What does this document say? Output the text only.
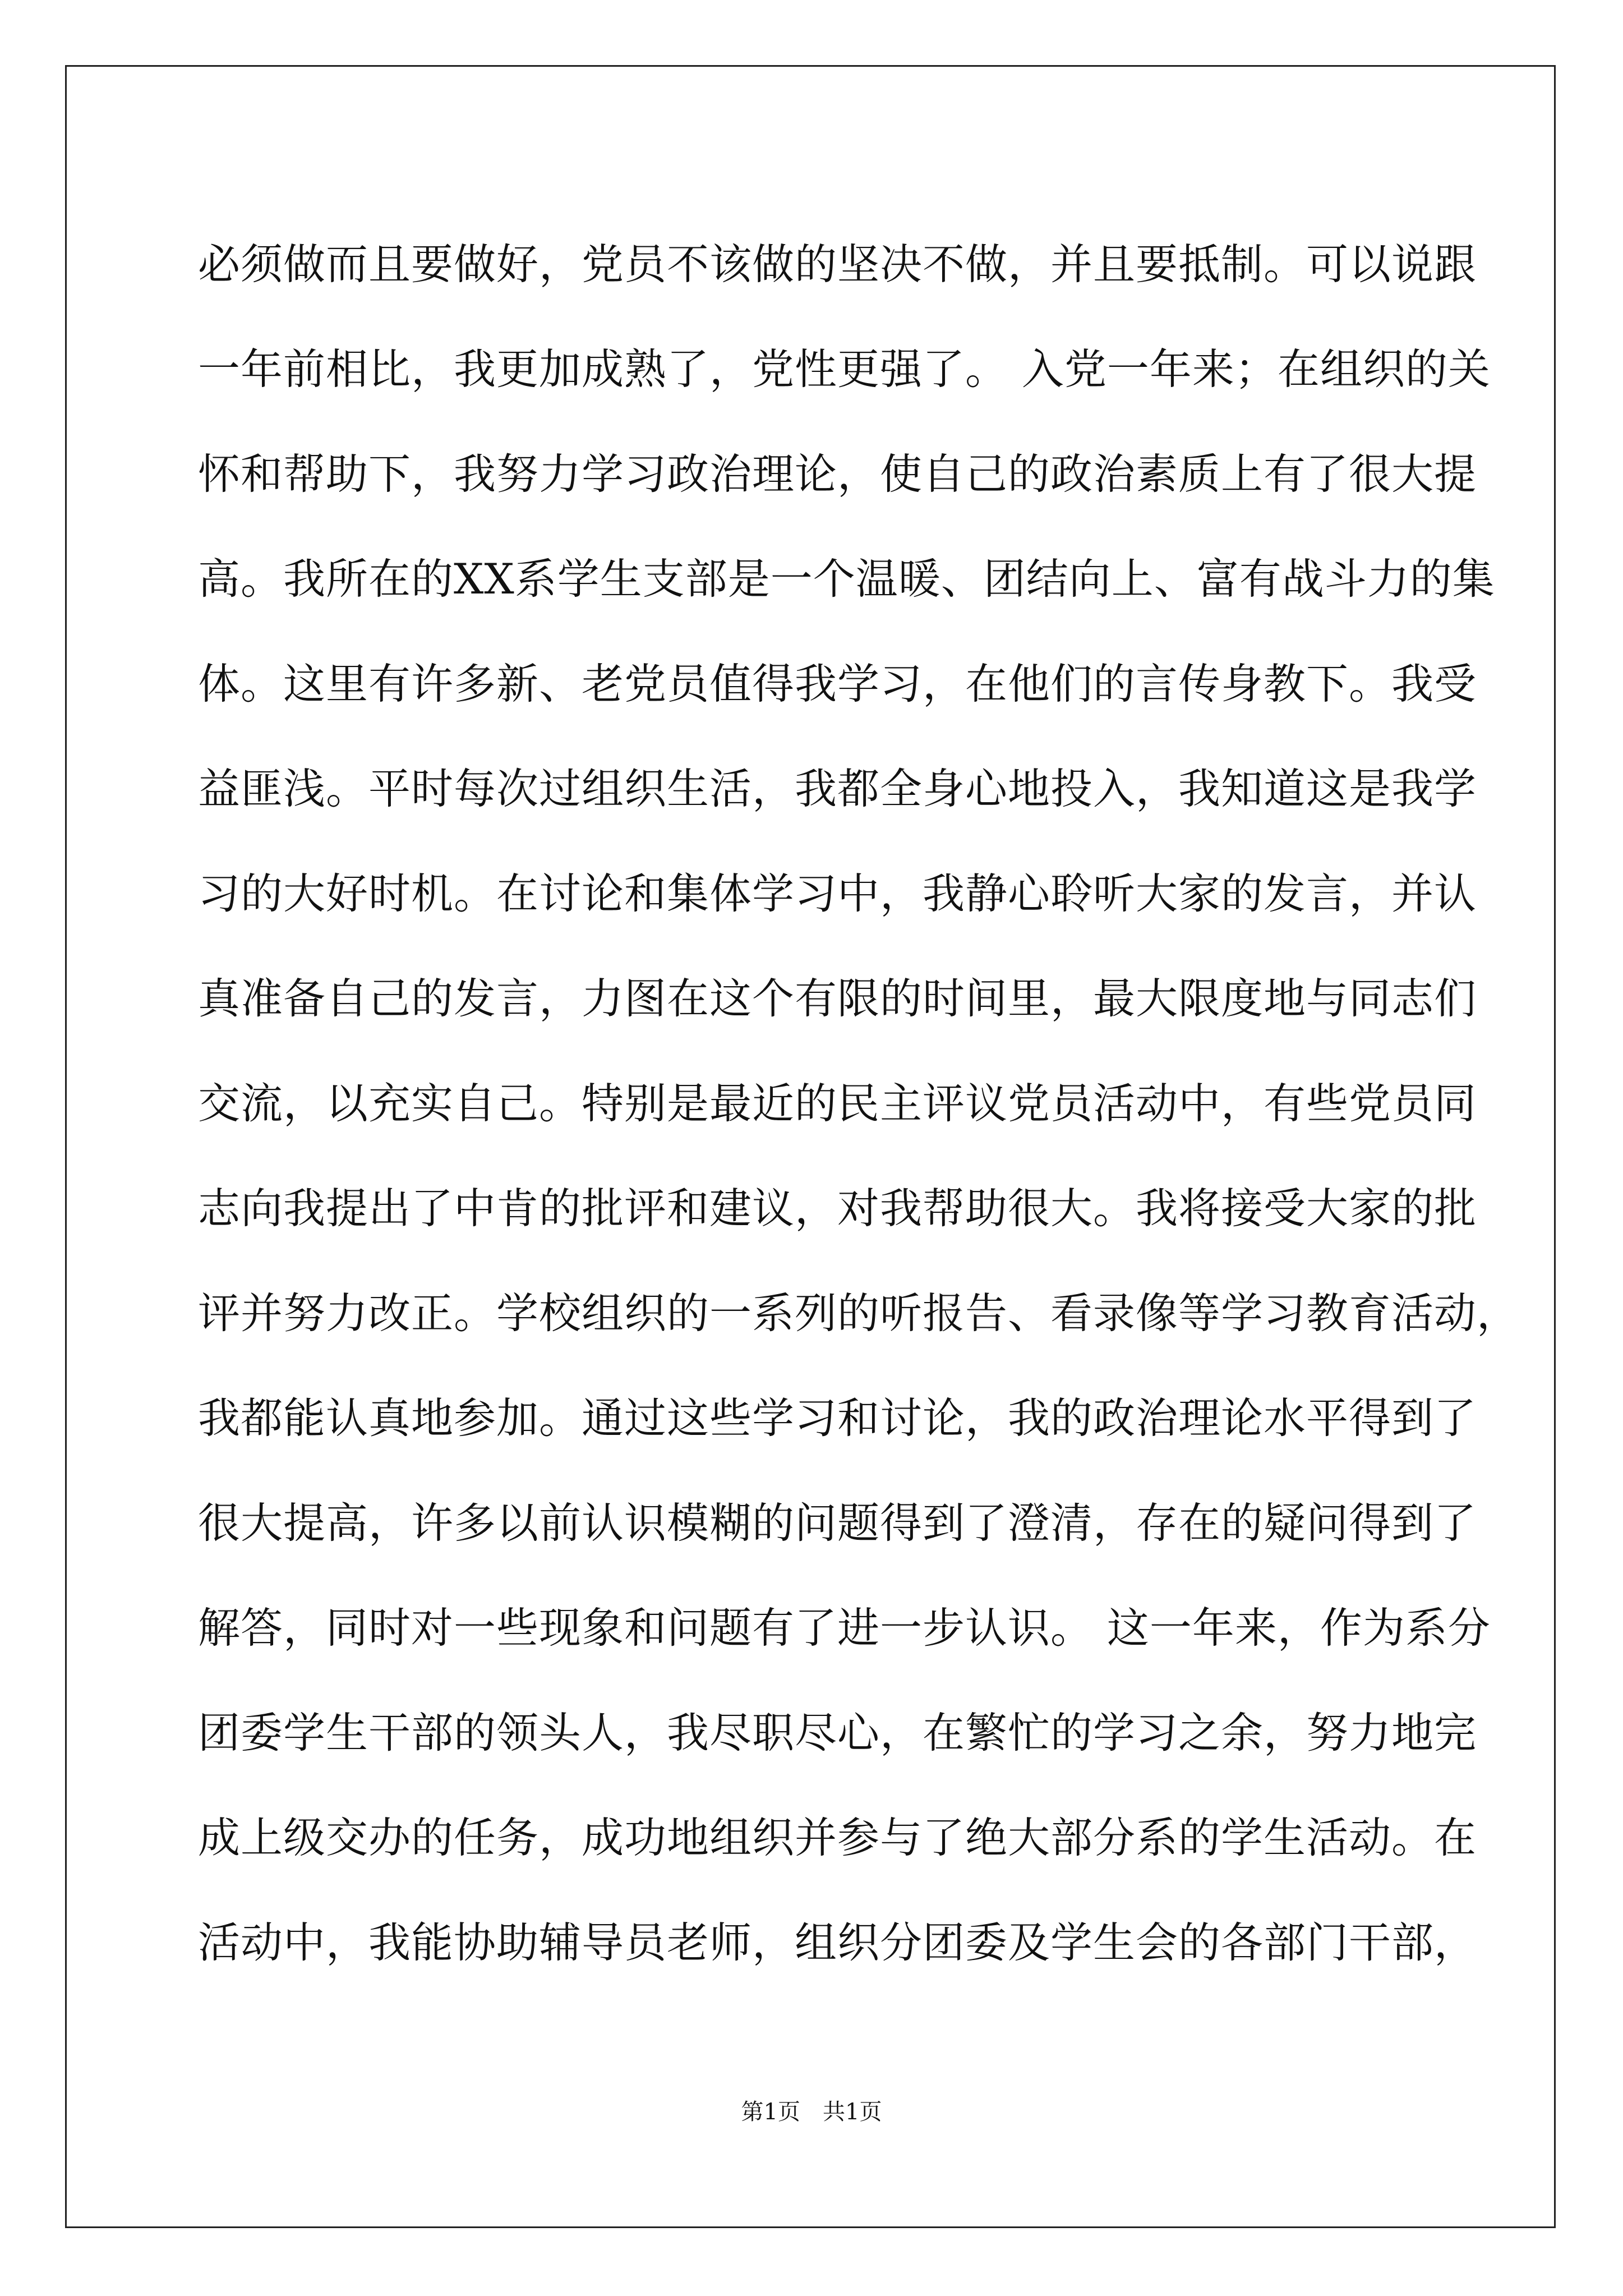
必须做而且要做好，党员不该做的坚决不做，并且要抵制。可以说跟
一年前相比，我更加成熟了，党性更强了。 入党一年来；在组织的关
怀和帮助下，我努力学习政治理论，使自己的政治素质上有了很大提
高。我所在的XX系学生支部是一个温暖、团结向上、富有战斗力的集
体。这里有许多新、老党员值得我学习，在他们的言传身教下。我受
益匪浅。平时每次过组织生活，我都全身心地投入，我知道这是我学
习的大好时机。在讨论和集体学习中，我静心聆听大家的发言，并认
真准备自己的发言，力图在这个有限的时间里，最大限度地与同志们
交流，以充实自己。特别是最近的民主评议党员活动中，有些党员同
志向我提出了中肯的批评和建议，对我帮助很大。我将接受大家的批
评并努力改正。学校组织的一系列的听报告、看录像等学习教育活动，
我都能认真地参加。通过这些学习和讨论，我的政治理论水平得到了
很大提高，许多以前认识模糊的问题得到了澄清，存在的疑问得到了
解答，同时对一些现象和问题有了进一步认识。 这一年来，作为系分
团委学生干部的领头人，我尽职尽心，在繁忙的学习之余，努力地完
成上级交办的任务，成功地组织并参与了绝大部分系的学生活动。在
活动中，我能协助辅导员老师，组织分团委及学生会的各部门干部，
第1页 共1页
